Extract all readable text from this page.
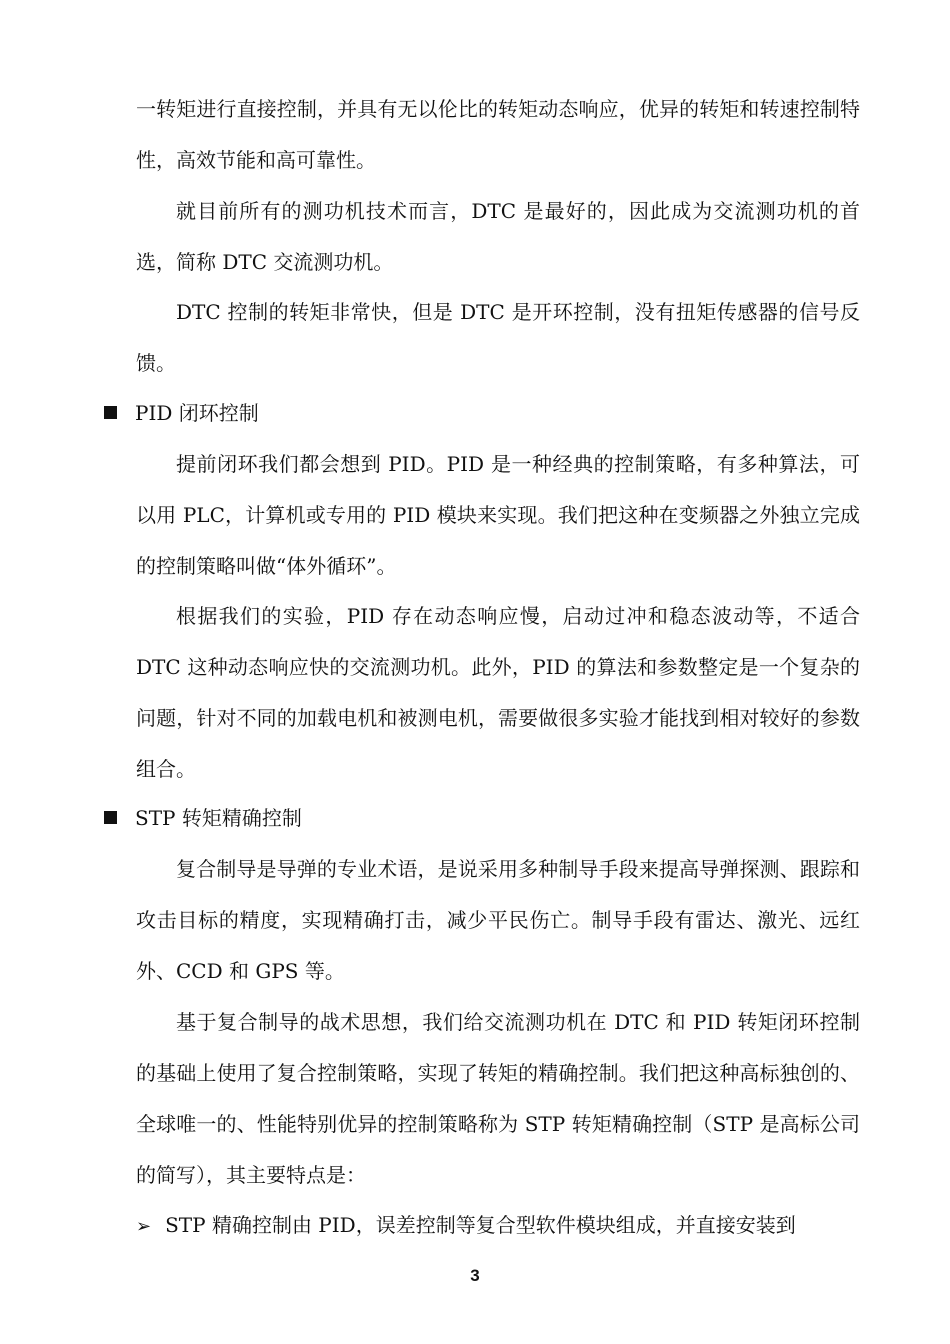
一转矩进行直接控制，并具有无以伦比的转矩动态响应，优异的转矩和转速控制特性，高效节能和高可靠性。

就目前所有的测功机技术而言，DTC 是最好的，因此成为交流测功机的首选，简称 DTC 交流测功机。

DTC 控制的转矩非常快，但是 DTC 是开环控制，没有扭矩传感器的信号反馈。

PID 闭环控制

提前闭环我们都会想到 PID。PID 是一种经典的控制策略，有多种算法，可以用 PLC，计算机或专用的 PID 模块来实现。我们把这种在变频器之外独立完成的控制策略叫做“体外循环”。

根据我们的实验，PID 存在动态响应慢，启动过冲和稳态波动等，不适合 DTC 这种动态响应快的交流测功机。此外，PID 的算法和参数整定是一个复杂的问题，针对不同的加载电机和被测电机，需要做很多实验才能找到相对较好的参数组合。

STP 转矩精确控制

复合制导是导弹的专业术语，是说采用多种制导手段来提高导弹探测、跟踪和攻击目标的精度，实现精确打击，减少平民伤亡。制导手段有雷达、激光、远红外、CCD 和 GPS 等。

基于复合制导的战术思想，我们给交流测功机在 DTC 和 PID 转矩闭环控制的基础上使用了复合控制策略，实现了转矩的精确控制。我们把这种高标独创的、全球唯一的、性能特别优异的控制策略称为 STP 转矩精确控制（STP 是高标公司的简写），其主要特点是：

➢ STP 精确控制由 PID，误差控制等复合型软件模块组成，并直接安装到
3
